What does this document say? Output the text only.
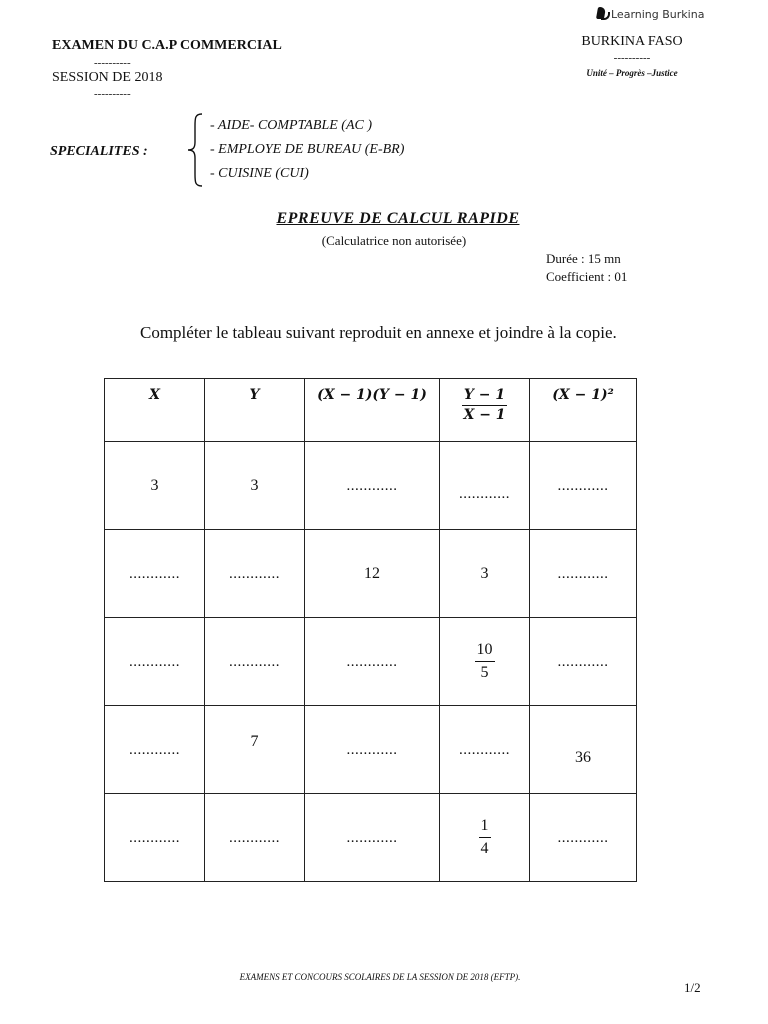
Learning Burkina
EXAMEN DU C.A.P COMMERCIAL
----------
SESSION DE 2018
----------
BURKINA FASO
----------
Unité – Progrès –Justice
SPECIALITES :
- AIDE- COMPTABLE (AC )
- EMPLOYE DE BUREAU (E-BR)
- CUISINE (CUI)
EPREUVE DE CALCUL RAPIDE
(Calculatrice non autorisée)
Durée : 15 mn
Coefficient : 01
Compléter le tableau suivant reproduit en annexe et joindre à la copie.
X	Y	(X − 1)(Y − 1)	$\frac{Y - 1}{X - 1}$	(X − 1)²
3	3	............	............	............
............	............	12	3	............
............	............	............	$\frac{10}{5}$	............
............	7	............	............	36
............	............	............	$\frac{1}{4}$	............
EXAMENS ET CONCOURS SCOLAIRES DE LA SESSION DE 2018 (EFTP).
1/2
